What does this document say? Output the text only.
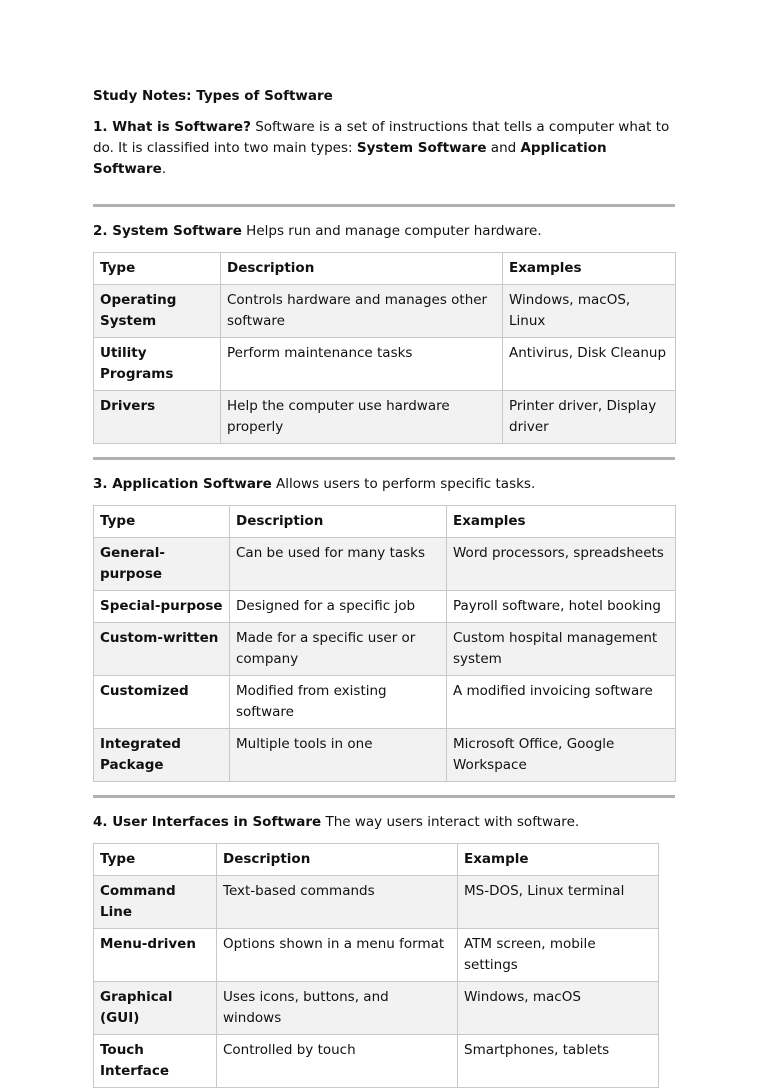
Study Notes: Types of Software

1. What is Software? Software is a set of instructions that tells a computer what to do. It is classified into two main types: System Software and Application Software.

2. System Software Helps run and manage computer hardware.

Type	Description	Examples
Operating System	Controls hardware and manages other software	Windows, macOS, Linux
Utility Programs	Perform maintenance tasks	Antivirus, Disk Cleanup
Drivers	Help the computer use hardware properly	Printer driver, Display driver

3. Application Software Allows users to perform specific tasks.

Type	Description	Examples
General-purpose	Can be used for many tasks	Word processors, spreadsheets
Special-purpose	Designed for a specific job	Payroll software, hotel booking
Custom-written	Made for a specific user or company	Custom hospital management system
Customized	Modified from existing software	A modified invoicing software
Integrated Package	Multiple tools in one	Microsoft Office, Google Workspace

4. User Interfaces in Software The way users interact with software.

Type	Description	Example
Command Line	Text-based commands	MS-DOS, Linux terminal
Menu-driven	Options shown in a menu format	ATM screen, mobile settings
Graphical (GUI)	Uses icons, buttons, and windows	Windows, macOS
Touch Interface	Controlled by touch	Smartphones, tablets
